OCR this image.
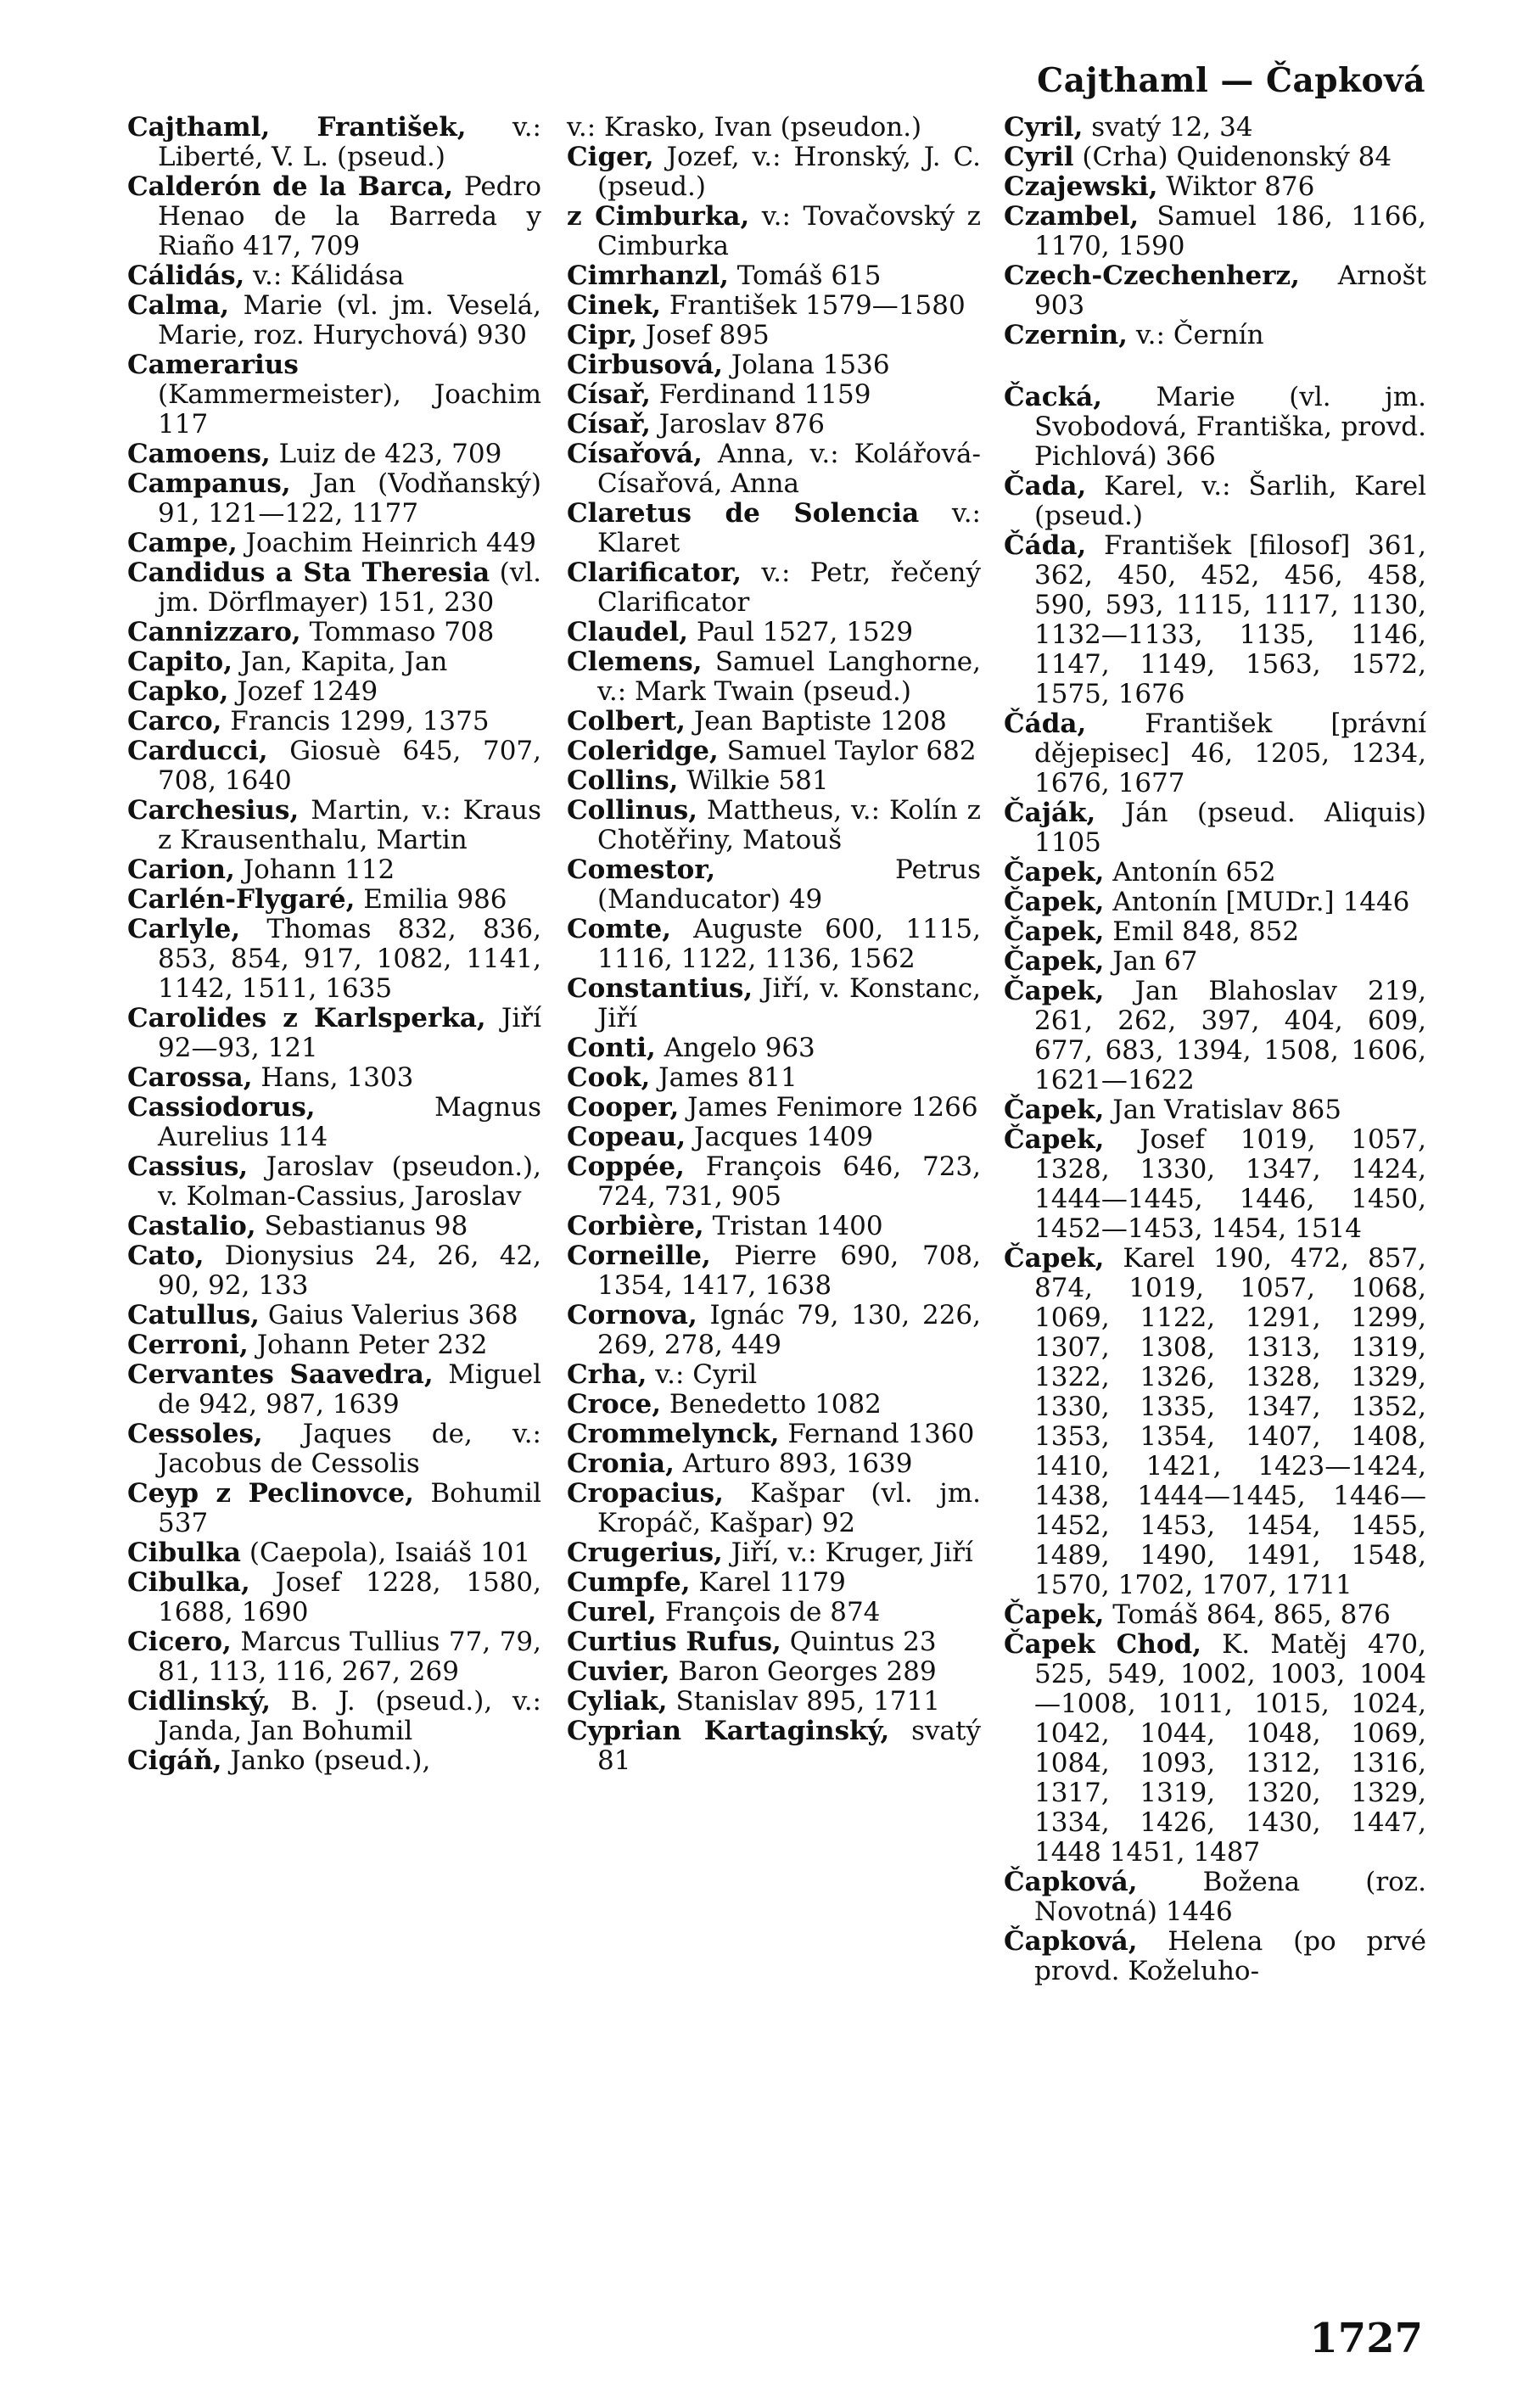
Cajthaml — Čapková

Cajthaml, František, v.: Liberté, V. L. (pseud.)

Calderón de la Barca, Pedro Henao de la Barreda y Riaño 417, 709

Cálidás, v.: Kálidása

Calma, Marie (vl. jm. Veselá, Marie, roz. Hurychová) 930

Camerarius (Kammermeister), Joachim 117

Camoens, Luiz de 423, 709

Campanus, Jan (Vodňanský) 91, 121—122, 1177

Campe, Joachim Heinrich 449

Candidus a Sta Theresia (vl. jm. Dörflmayer) 151, 230

Cannizzaro, Tommaso 708

Capito, Jan, Kapita, Jan

Capko, Jozef 1249

Carco, Francis 1299, 1375

Carducci, Giosuè 645, 707, 708, 1640

Carchesius, Martin, v.: Kraus z Krausenthalu, Martin

Carion, Johann 112

Carlén-Flygaré, Emilia 986

Carlyle, Thomas 832, 836, 853, 854, 917, 1082, 1141, 1142, 1511, 1635

Carolides z Karlsperka, Jiří 92—93, 121

Carossa, Hans, 1303

Cassiodorus, Magnus Aurelius 114

Cassius, Jaroslav (pseudon.), v. Kolman-Cassius, Jaroslav

Castalio, Sebastianus 98

Cato, Dionysius 24, 26, 42, 90, 92, 133

Catullus, Gaius Valerius 368

Cerroni, Johann Peter 232

Cervantes Saavedra, Miguel de 942, 987, 1639

Cessoles, Jaques de, v.: Jacobus de Cessolis

Ceyp z Peclinovce, Bohumil 537

Cibulka (Caepola), Isaiáš 101

Cibulka, Josef 1228, 1580, 1688, 1690

Cicero, Marcus Tullius 77, 79, 81, 113, 116, 267, 269

Cidlinský, B. J. (pseud.), v.: Janda, Jan Bohumil

Cigáň, Janko (pseud.),

v.: Krasko, Ivan (pseudon.)

Ciger, Jozef, v.: Hronský, J. C. (pseud.)

z Cimburka, v.: Tovačovský z Cimburka

Cimrhanzl, Tomáš 615

Cinek, František 1579—1580

Cipr, Josef 895

Cirbusová, Jolana 1536

Císař, Ferdinand 1159

Císař, Jaroslav 876

Císařová, Anna, v.: Kolářová-Císařová, Anna

Claretus de Solencia v.: Klaret

Clarificator, v.: Petr, řečený Clarificator

Claudel, Paul 1527, 1529

Clemens, Samuel Langhorne, v.: Mark Twain (pseud.)

Colbert, Jean Baptiste 1208

Coleridge, Samuel Taylor 682

Collins, Wilkie 581

Collinus, Mattheus, v.: Kolín z Chotěřiny, Matouš

Comestor, Petrus (Manducator) 49

Comte, Auguste 600, 1115, 1116, 1122, 1136, 1562

Constantius, Jiří, v. Konstanc, Jiří

Conti, Angelo 963

Cook, James 811

Cooper, James Fenimore 1266

Copeau, Jacques 1409

Coppée, François 646, 723, 724, 731, 905

Corbière, Tristan 1400

Corneille, Pierre 690, 708, 1354, 1417, 1638

Cornova, Ignác 79, 130, 226, 269, 278, 449

Crha, v.: Cyril

Croce, Benedetto 1082

Crommelynck, Fernand 1360

Cronia, Arturo 893, 1639

Cropacius, Kašpar (vl. jm. Kropáč, Kašpar) 92

Crugerius, Jiří, v.: Kruger, Jiří

Cumpfe, Karel 1179

Curel, François de 874

Curtius Rufus, Quintus 23

Cuvier, Baron Georges 289

Cyliak, Stanislav 895, 1711

Cyprian Kartaginský, svatý 81

Cyril, svatý 12, 34

Cyril (Crha) Quidenonský 84

Czajewski, Wiktor 876

Czambel, Samuel 186, 1166, 1170, 1590

Czech-Czechenherz, Arnošt 903

Czernin, v.: Černín

Čacká, Marie (vl. jm. Svobodová, Františka, provd. Pichlová) 366

Čada, Karel, v.: Šarlih, Karel (pseud.)

Čáda, František [filosof] 361, 362, 450, 452, 456, 458, 590, 593, 1115, 1117, 1130, 1132—1133, 1135, 1146, 1147, 1149, 1563, 1572, 1575, 1676

Čáda, František [právní dějepisec] 46, 1205, 1234, 1676, 1677

Čaják, Ján (pseud. Aliquis) 1105

Čapek, Antonín 652

Čapek, Antonín [MUDr.] 1446

Čapek, Emil 848, 852

Čapek, Jan 67

Čapek, Jan Blahoslav 219, 261, 262, 397, 404, 609, 677, 683, 1394, 1508, 1606, 1621—1622

Čapek, Jan Vratislav 865

Čapek, Josef 1019, 1057, 1328, 1330, 1347, 1424, 1444—1445, 1446, 1450, 1452—1453, 1454, 1514

Čapek, Karel 190, 472, 857, 874, 1019, 1057, 1068, 1069, 1122, 1291, 1299, 1307, 1308, 1313, 1319, 1322, 1326, 1328, 1329, 1330, 1335, 1347, 1352, 1353, 1354, 1407, 1408, 1410, 1421, 1423—1424, 1438, 1444—1445, 1446—1452, 1453, 1454, 1455, 1489, 1490, 1491, 1548, 1570, 1702, 1707, 1711

Čapek, Tomáš 864, 865, 876

Čapek Chod, K. Matěj 470, 525, 549, 1002, 1003, 1004—1008, 1011, 1015, 1024, 1042, 1044, 1048, 1069, 1084, 1093, 1312, 1316, 1317, 1319, 1320, 1329, 1334, 1426, 1430, 1447, 1448 1451, 1487

Čapková, Božena (roz. Novotná) 1446

Čapková, Helena (po prvé provd. Koželuho-

1727
